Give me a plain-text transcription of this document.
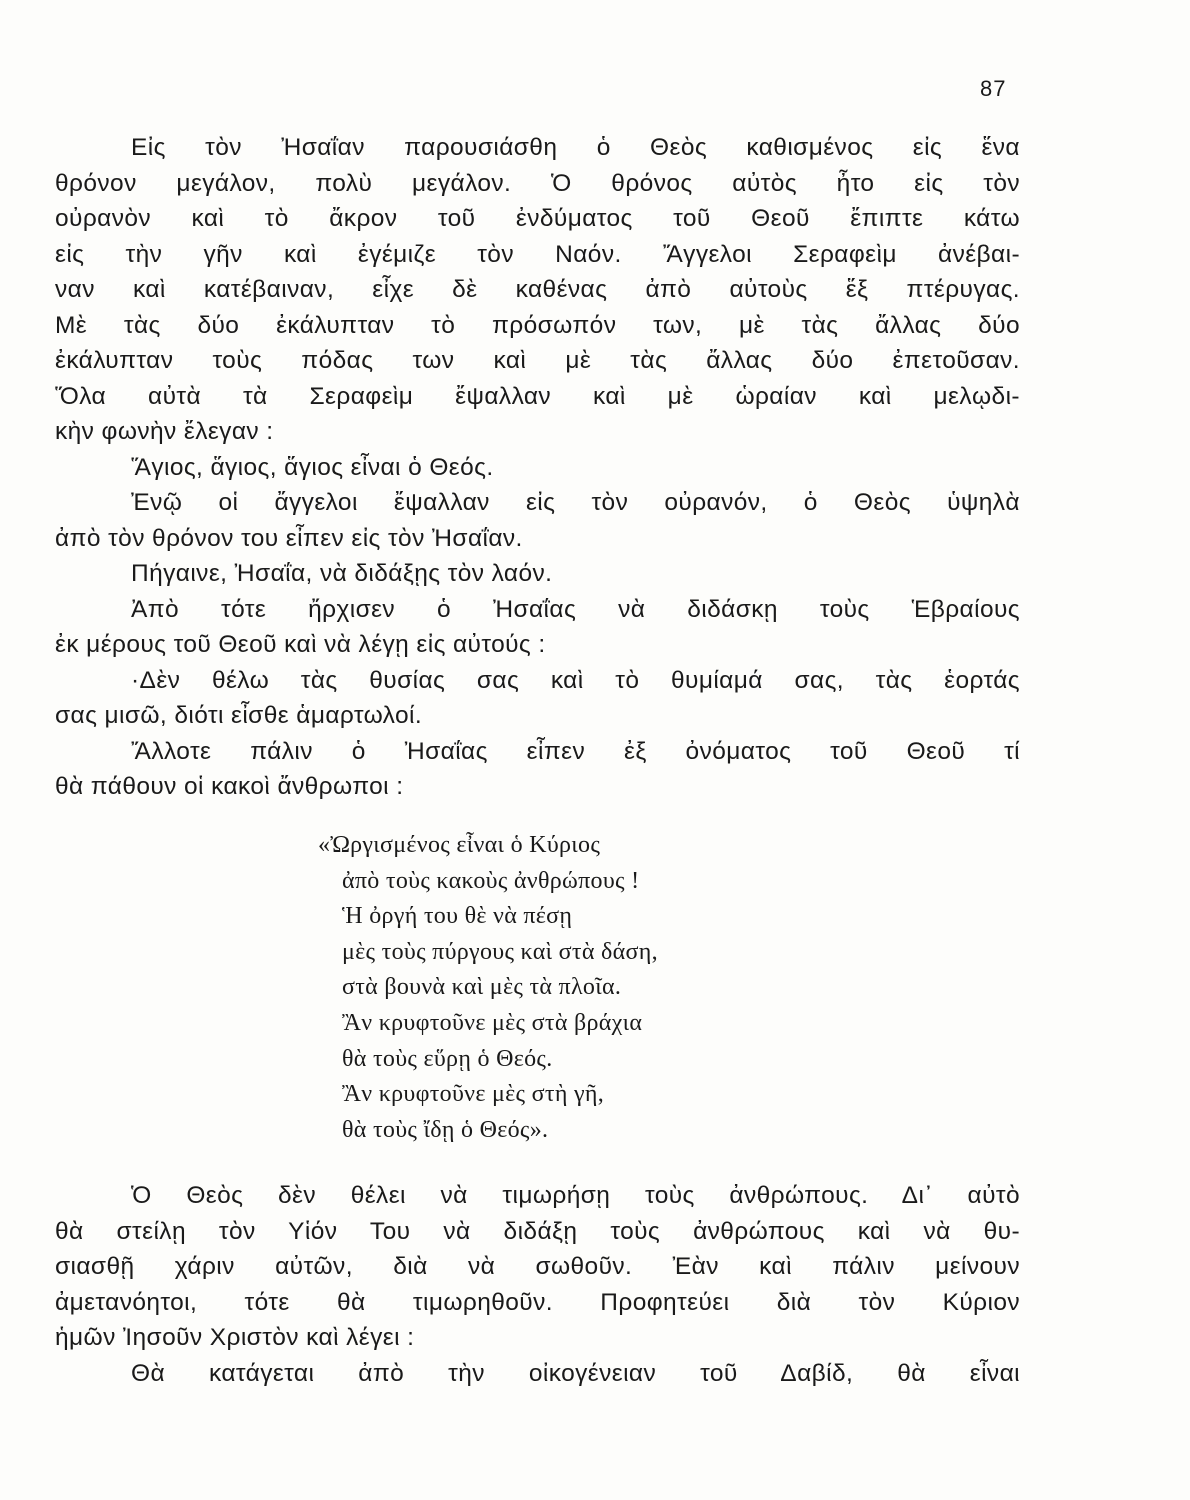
87
Εἰς τὸν Ἠσαΐαν παρουσιάσθη ὁ Θεὸς καθισμένος εἰς ἕνα
θρόνον μεγάλον, πολὺ μεγάλον. Ὁ θρόνος αὐτὸς ἦτο εἰς τὸν
οὐρανὸν καὶ τὸ ἄκρον τοῦ ἐνδύματος τοῦ Θεοῦ ἔπιπτε κάτω
εἰς τὴν γῆν καὶ ἐγέμιζε τὸν Ναόν. Ἄγγελοι Σεραφεὶμ ἀνέβαι-
ναν καὶ κατέβαιναν, εἶχε δὲ καθένας ἀπὸ αὐτοὺς ἕξ πτέρυγας.
Μὲ τὰς δύο ἐκάλυπταν τὸ πρόσωπόν των, μὲ τὰς ἄλλας δύο
ἐκάλυπταν τοὺς πόδας των καὶ μὲ τὰς ἄλλας δύο ἐπετοῦσαν.
Ὅλα αὐτὰ τὰ Σεραφεὶμ ἔψαλλαν καὶ μὲ ὡραίαν καὶ μελῳδι-
κὴν φωνὴν ἔλεγαν :
Ἅγιος, ἅγιος, ἅγιος εἶναι ὁ Θεός.
Ἐνῷ οἱ ἄγγελοι ἔψαλλαν εἰς τὸν οὐρανόν, ὁ Θεὸς ὑψηλὰ
ἀπὸ τὸν θρόνον του εἶπεν εἰς τὸν Ἠσαΐαν.
Πήγαινε, Ἠσαΐα, νὰ διδάξῃς τὸν λαόν.
Ἀπὸ τότε ἤρχισεν ὁ Ἠσαΐας νὰ διδάσκῃ τοὺς Ἑβραίους
ἐκ μέρους τοῦ Θεοῦ καὶ νὰ λέγῃ εἰς αὐτούς :
·Δὲν θέλω τὰς θυσίας σας καὶ τὸ θυμίαμά σας, τὰς ἑορτάς
σας μισῶ, διότι εἶσθε ἁμαρτωλοί.
Ἄλλοτε πάλιν ὁ Ἠσαΐας εἶπεν ἐξ ὀνόματος τοῦ Θεοῦ τί
θὰ πάθουν οἱ κακοὶ ἄνθρωποι :
«Ὠργισμένος εἶναι ὁ Κύριος
ἀπὸ τοὺς κακοὺς ἀνθρώπους !
Ἡ ὀργή του θὲ νὰ πέσῃ
μὲς τοὺς πύργους καὶ στὰ δάση,
στὰ βουνὰ καὶ μὲς τὰ πλοῖα.
Ἂν κρυφτοῦνε μὲς στὰ βράχια
θὰ τοὺς εὕρῃ ὁ Θεός.
Ἂν κρυφτοῦνε μὲς στὴ γῆ,
θὰ τοὺς ἴδῃ ὁ Θεός».
Ὁ Θεὸς δὲν θέλει νὰ τιμωρήσῃ τοὺς ἀνθρώπους. Δι᾿ αὐτὸ
θὰ στείλῃ τὸν Υἱόν Του νὰ διδάξῃ τοὺς ἀνθρώπους καὶ νὰ θυ-
σιασθῇ χάριν αὐτῶν, διὰ νὰ σωθοῦν. Ἐὰν καὶ πάλιν μείνουν
ἀμετανόητοι, τότε θὰ τιμωρηθοῦν. Προφητεύει διὰ τὸν Κύριον
ἡμῶν Ἰησοῦν Χριστὸν καὶ λέγει :
Θὰ κατάγεται ἀπὸ τὴν οἰκογένειαν τοῦ Δαβίδ, θὰ εἶναι
